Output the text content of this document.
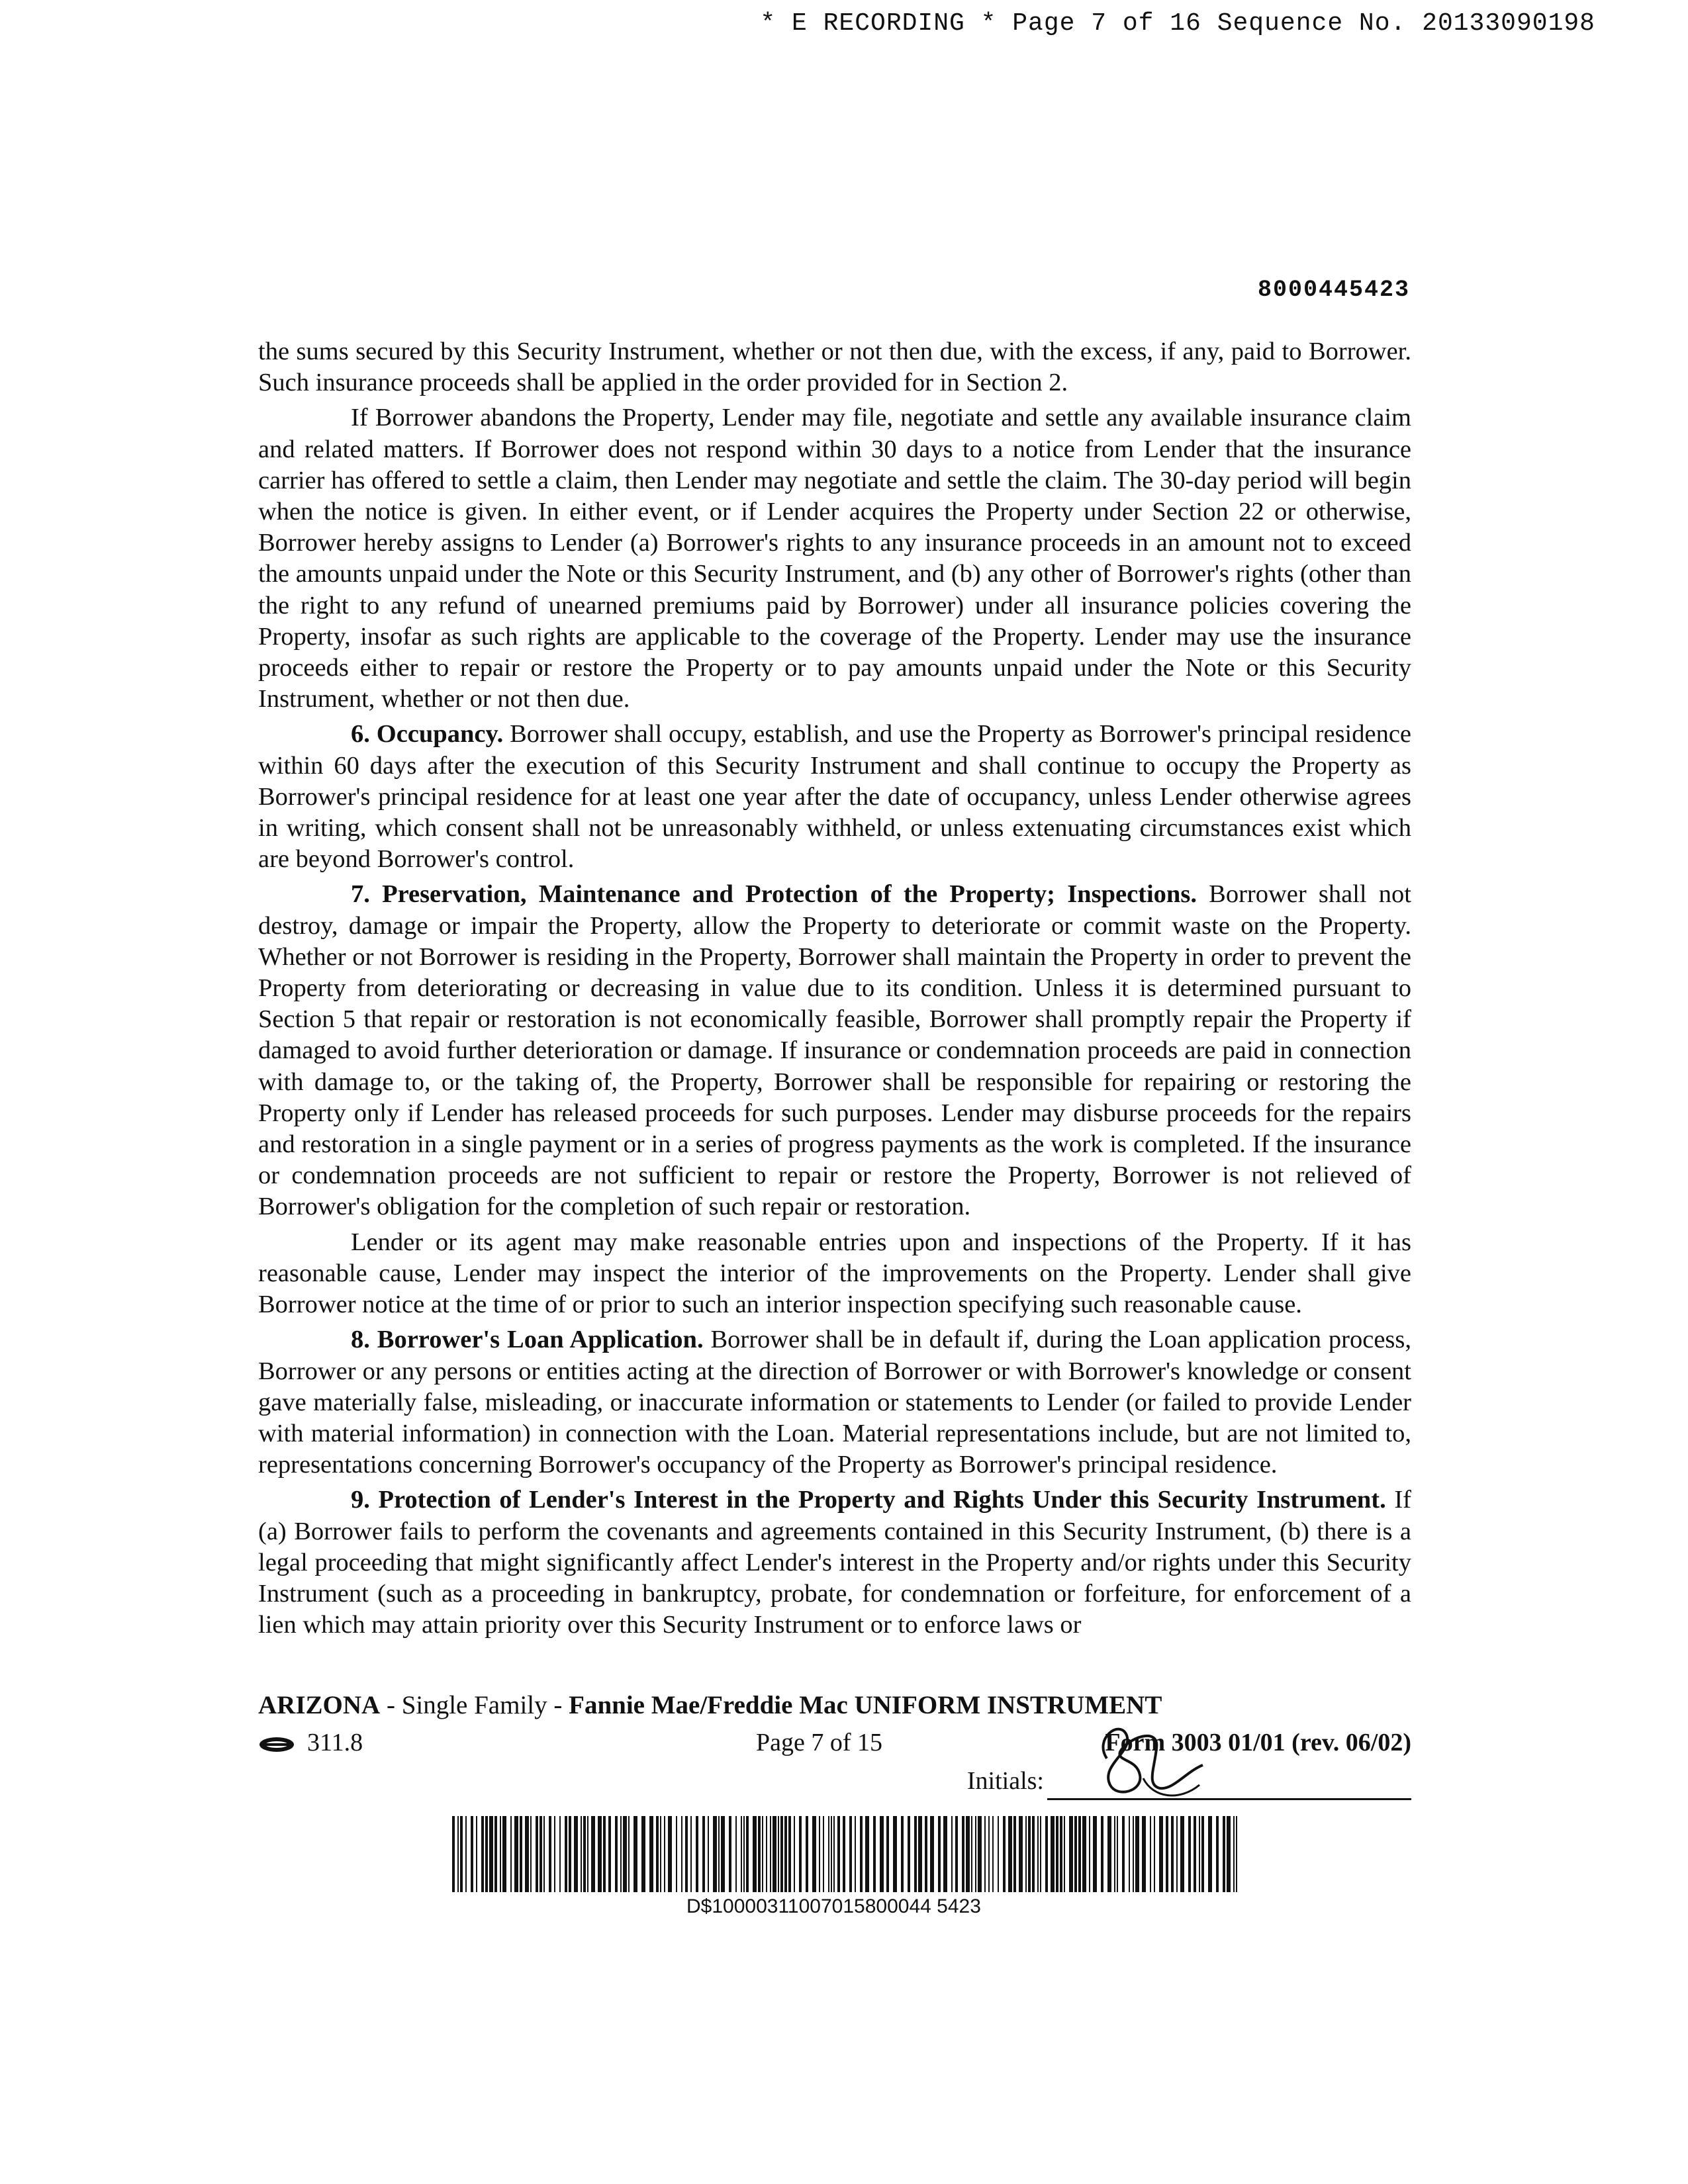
* E RECORDING * Page 7 of 16 Sequence No. 20133090198
8000445423

the sums secured by this Security Instrument, whether or not then due, with the excess, if any, paid to Borrower. Such insurance proceeds shall be applied in the order provided for in Section 2.

If Borrower abandons the Property, Lender may file, negotiate and settle any available insurance claim and related matters. If Borrower does not respond within 30 days to a notice from Lender that the insurance carrier has offered to settle a claim, then Lender may negotiate and settle the claim. The 30-day period will begin when the notice is given. In either event, or if Lender acquires the Property under Section 22 or otherwise, Borrower hereby assigns to Lender (a) Borrower's rights to any insurance proceeds in an amount not to exceed the amounts unpaid under the Note or this Security Instrument, and (b) any other of Borrower's rights (other than the right to any refund of unearned premiums paid by Borrower) under all insurance policies covering the Property, insofar as such rights are applicable to the coverage of the Property. Lender may use the insurance proceeds either to repair or restore the Property or to pay amounts unpaid under the Note or this Security Instrument, whether or not then due.

6. Occupancy. Borrower shall occupy, establish, and use the Property as Borrower's principal residence within 60 days after the execution of this Security Instrument and shall continue to occupy the Property as Borrower's principal residence for at least one year after the date of occupancy, unless Lender otherwise agrees in writing, which consent shall not be unreasonably withheld, or unless extenuating circumstances exist which are beyond Borrower's control.

7. Preservation, Maintenance and Protection of the Property; Inspections. Borrower shall not destroy, damage or impair the Property, allow the Property to deteriorate or commit waste on the Property. Whether or not Borrower is residing in the Property, Borrower shall maintain the Property in order to prevent the Property from deteriorating or decreasing in value due to its condition. Unless it is determined pursuant to Section 5 that repair or restoration is not economically feasible, Borrower shall promptly repair the Property if damaged to avoid further deterioration or damage. If insurance or condemnation proceeds are paid in connection with damage to, or the taking of, the Property, Borrower shall be responsible for repairing or restoring the Property only if Lender has released proceeds for such purposes. Lender may disburse proceeds for the repairs and restoration in a single payment or in a series of progress payments as the work is completed. If the insurance or condemnation proceeds are not sufficient to repair or restore the Property, Borrower is not relieved of Borrower's obligation for the completion of such repair or restoration.

Lender or its agent may make reasonable entries upon and inspections of the Property. If it has reasonable cause, Lender may inspect the interior of the improvements on the Property. Lender shall give Borrower notice at the time of or prior to such an interior inspection specifying such reasonable cause.

8. Borrower's Loan Application. Borrower shall be in default if, during the Loan application process, Borrower or any persons or entities acting at the direction of Borrower or with Borrower's knowledge or consent gave materially false, misleading, or inaccurate information or statements to Lender (or failed to provide Lender with material information) in connection with the Loan. Material representations include, but are not limited to, representations concerning Borrower's occupancy of the Property as Borrower's principal residence.

9. Protection of Lender's Interest in the Property and Rights Under this Security Instrument. If (a) Borrower fails to perform the covenants and agreements contained in this Security Instrument, (b) there is a legal proceeding that might significantly affect Lender's interest in the Property and/or rights under this Security Instrument (such as a proceeding in bankruptcy, probate, for condemnation or forfeiture, for enforcement of a lien which may attain priority over this Security Instrument or to enforce laws or

ARIZONA - Single Family - Fannie Mae/Freddie Mac UNIFORM INSTRUMENT
311.8	Page 7 of 15	Form 3003 01/01 (rev. 06/02)
Initials:
D$10000311007015800044 5423
